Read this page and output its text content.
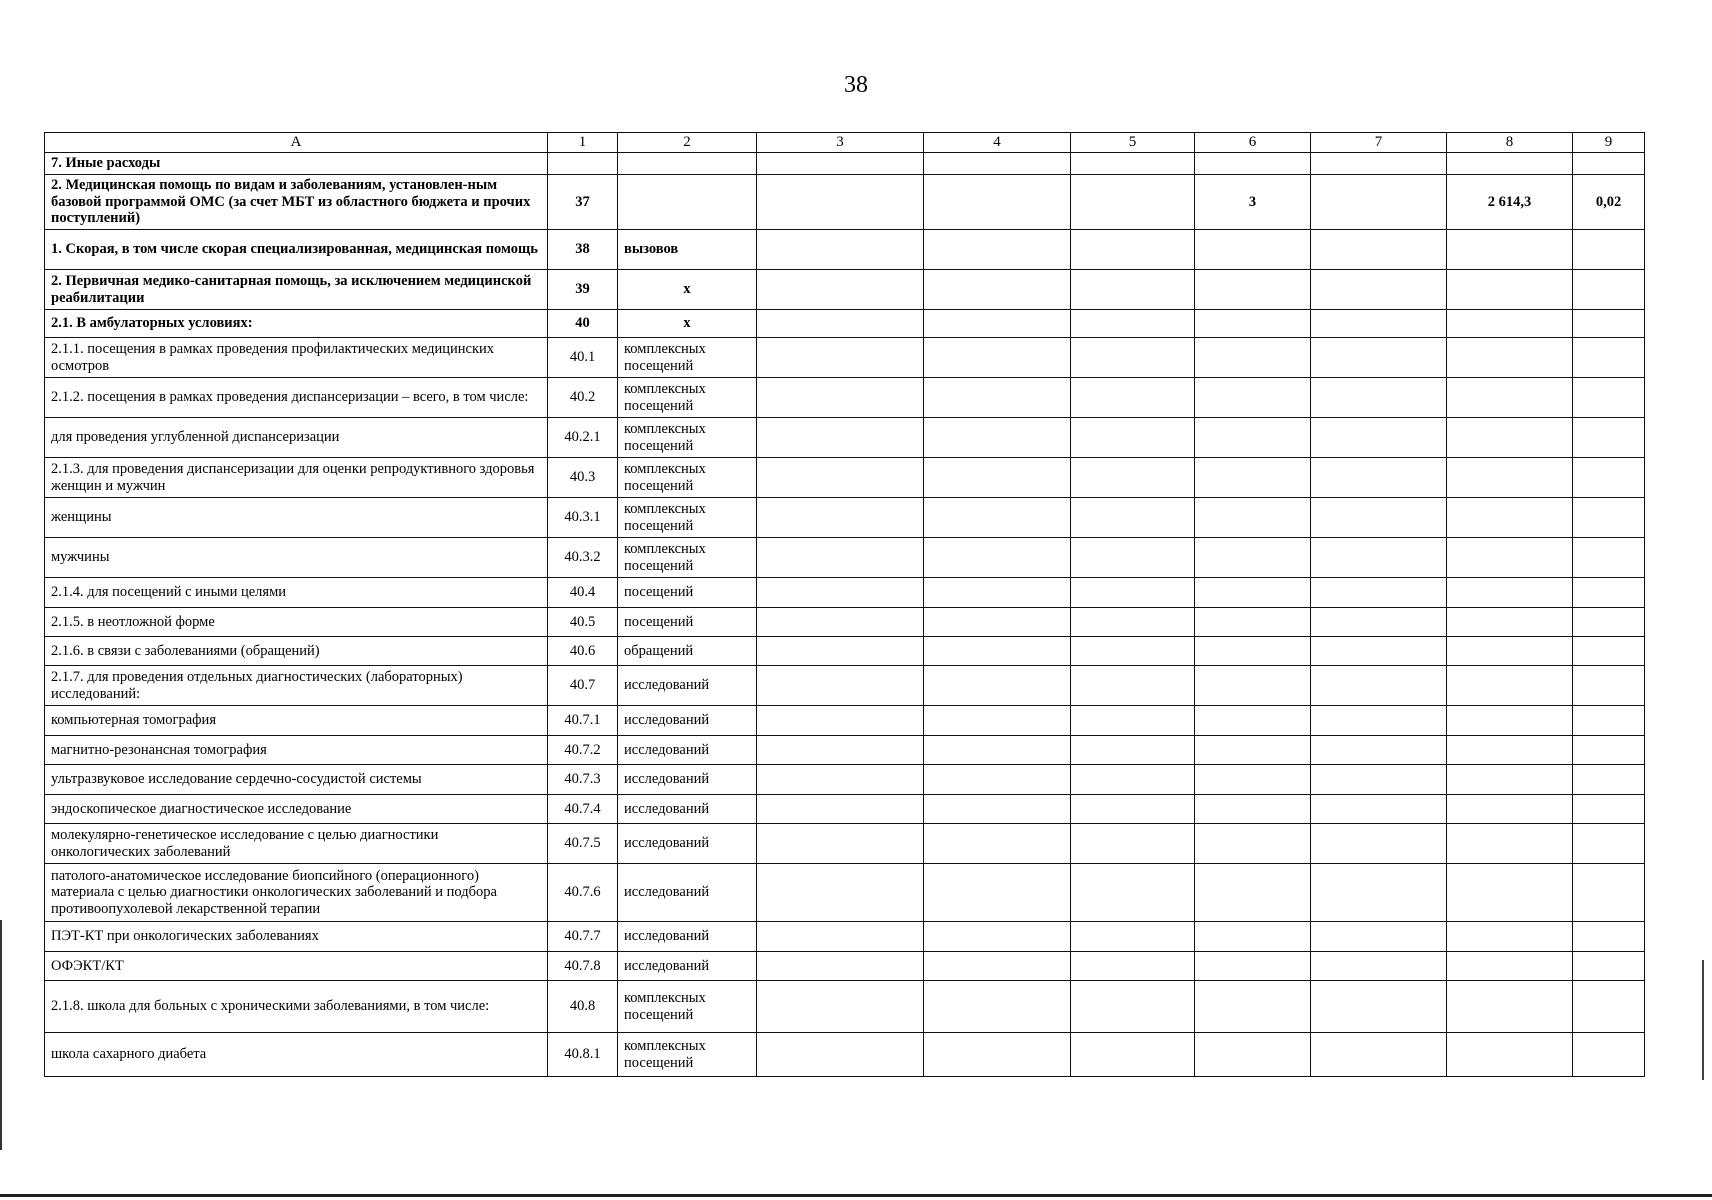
38
А	1	2	3	4	5	6	7	8	9
7. Иные расходы									
2. Медицинская помощь по видам и заболеваниям, установлен-ным базовой программой ОМС (за счет МБТ из областного бюджета и прочих поступлений)	37					3		2 614,3	0,02
1. Скорая, в том числе скорая специализированная, медицинская помощь	38	вызовов							
2. Первичная медико-санитарная помощь, за исключением медицинской реабилитации	39	х							
2.1. В амбулаторных условиях:	40	х							
2.1.1. посещения в рамках проведения профилактических медицинских осмотров	40.1	комплексных посещений							
2.1.2. посещения в рамках проведения диспансеризации – всего, в том числе:	40.2	комплексных посещений							
для проведения углубленной диспансеризации	40.2.1	комплексных посещений							
2.1.3. для проведения диспансеризации для оценки репродуктивного здоровья женщин и мужчин	40.3	комплексных посещений							
женщины	40.3.1	комплексных посещений							
мужчины	40.3.2	комплексных посещений							
2.1.4. для посещений с иными целями	40.4	посещений							
2.1.5. в неотложной форме	40.5	посещений							
2.1.6. в связи с заболеваниями (обращений)	40.6	обращений							
2.1.7. для проведения отдельных диагностических (лабораторных) исследований:	40.7	исследований							
компьютерная томография	40.7.1	исследований							
магнитно-резонансная томография	40.7.2	исследований							
ультразвуковое исследование сердечно-сосудистой системы	40.7.3	исследований							
эндоскопическое диагностическое исследование	40.7.4	исследований							
молекулярно-генетическое исследование с целью диагностики онкологических заболеваний	40.7.5	исследований							
патолого-анатомическое исследование биопсийного (операционного) материала с целью диагностики онкологических заболеваний и подбора противоопухолевой лекарственной терапии	40.7.6	исследований							
ПЭТ-КТ при онкологических заболеваниях	40.7.7	исследований							
ОФЭКТ/КТ	40.7.8	исследований							
2.1.8. школа для больных с хроническими заболеваниями, в том числе:	40.8	комплексных посещений							
школа сахарного диабета	40.8.1	комплексных посещений							
